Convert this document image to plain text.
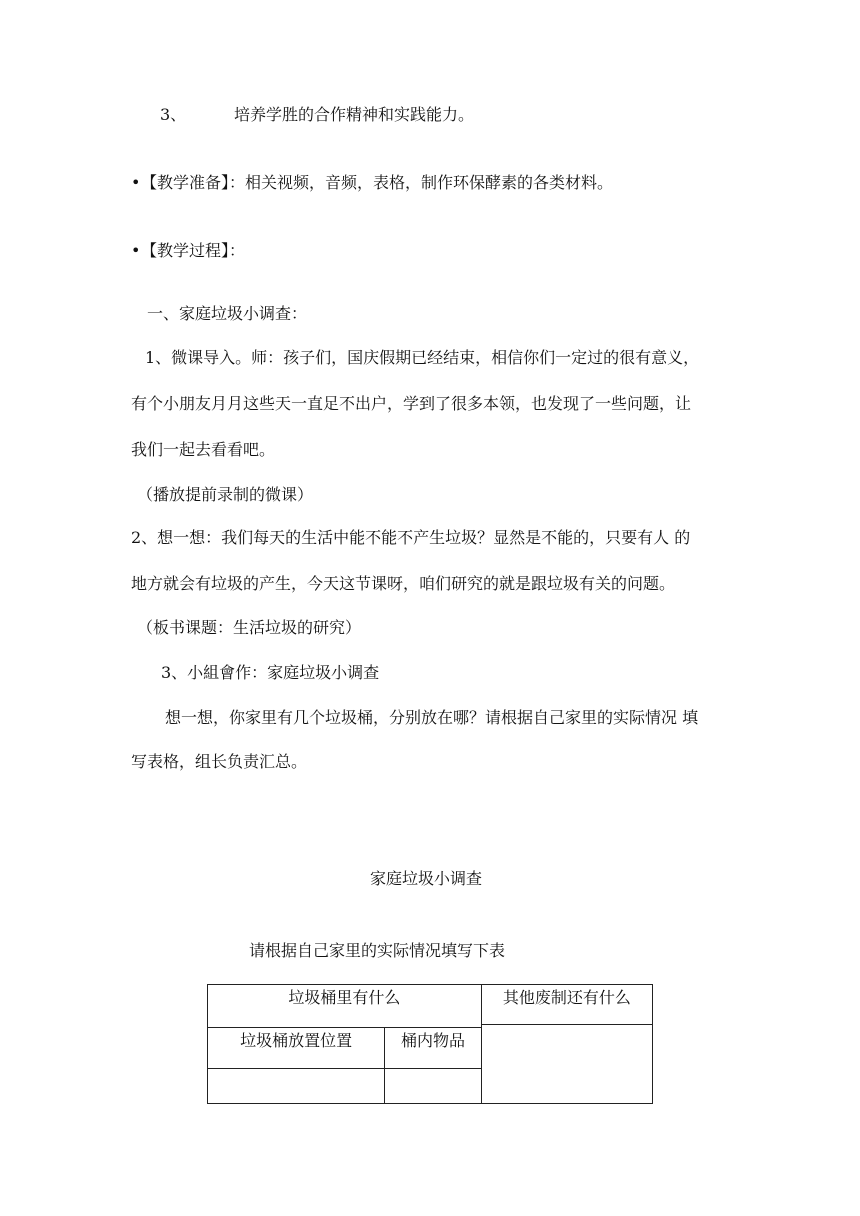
3、	培养学胜的合作精神和实践能力。
• 【教学准备】：相关视频，音频，表格，制作环保酵素的各类材料。
• 【教学过程】：
一、家庭垃圾小调查：
1、微课导入。师：孩子们，国庆假期已经结束，相信你们一定过的很有意义，
有个小朋友月月这些天一直足不出户，学到了很多本领，也发现了一些问题，让
我们一起去看看吧。
（播放提前录制的微课）
2、想一想：我们每天的生活中能不能不产生垃圾？显然是不能的，只要有人 的
地方就会有垃圾的产生，今天这节课呀，咱们研究的就是跟垃圾有关的问题。
（板书课题：生活垃圾的研究）
3、小組會作：家庭垃圾小调查
想一想，你家里有几个垃圾桶，分别放在哪？请根据自己家里的实际情况 填
写表格，组长负责汇总。
家庭垃圾小调查
请根据自己家里的实际情况填写下表
垃圾桶里有什么		其他废制还有什么
垃圾桶放置位置	桶内物品	
